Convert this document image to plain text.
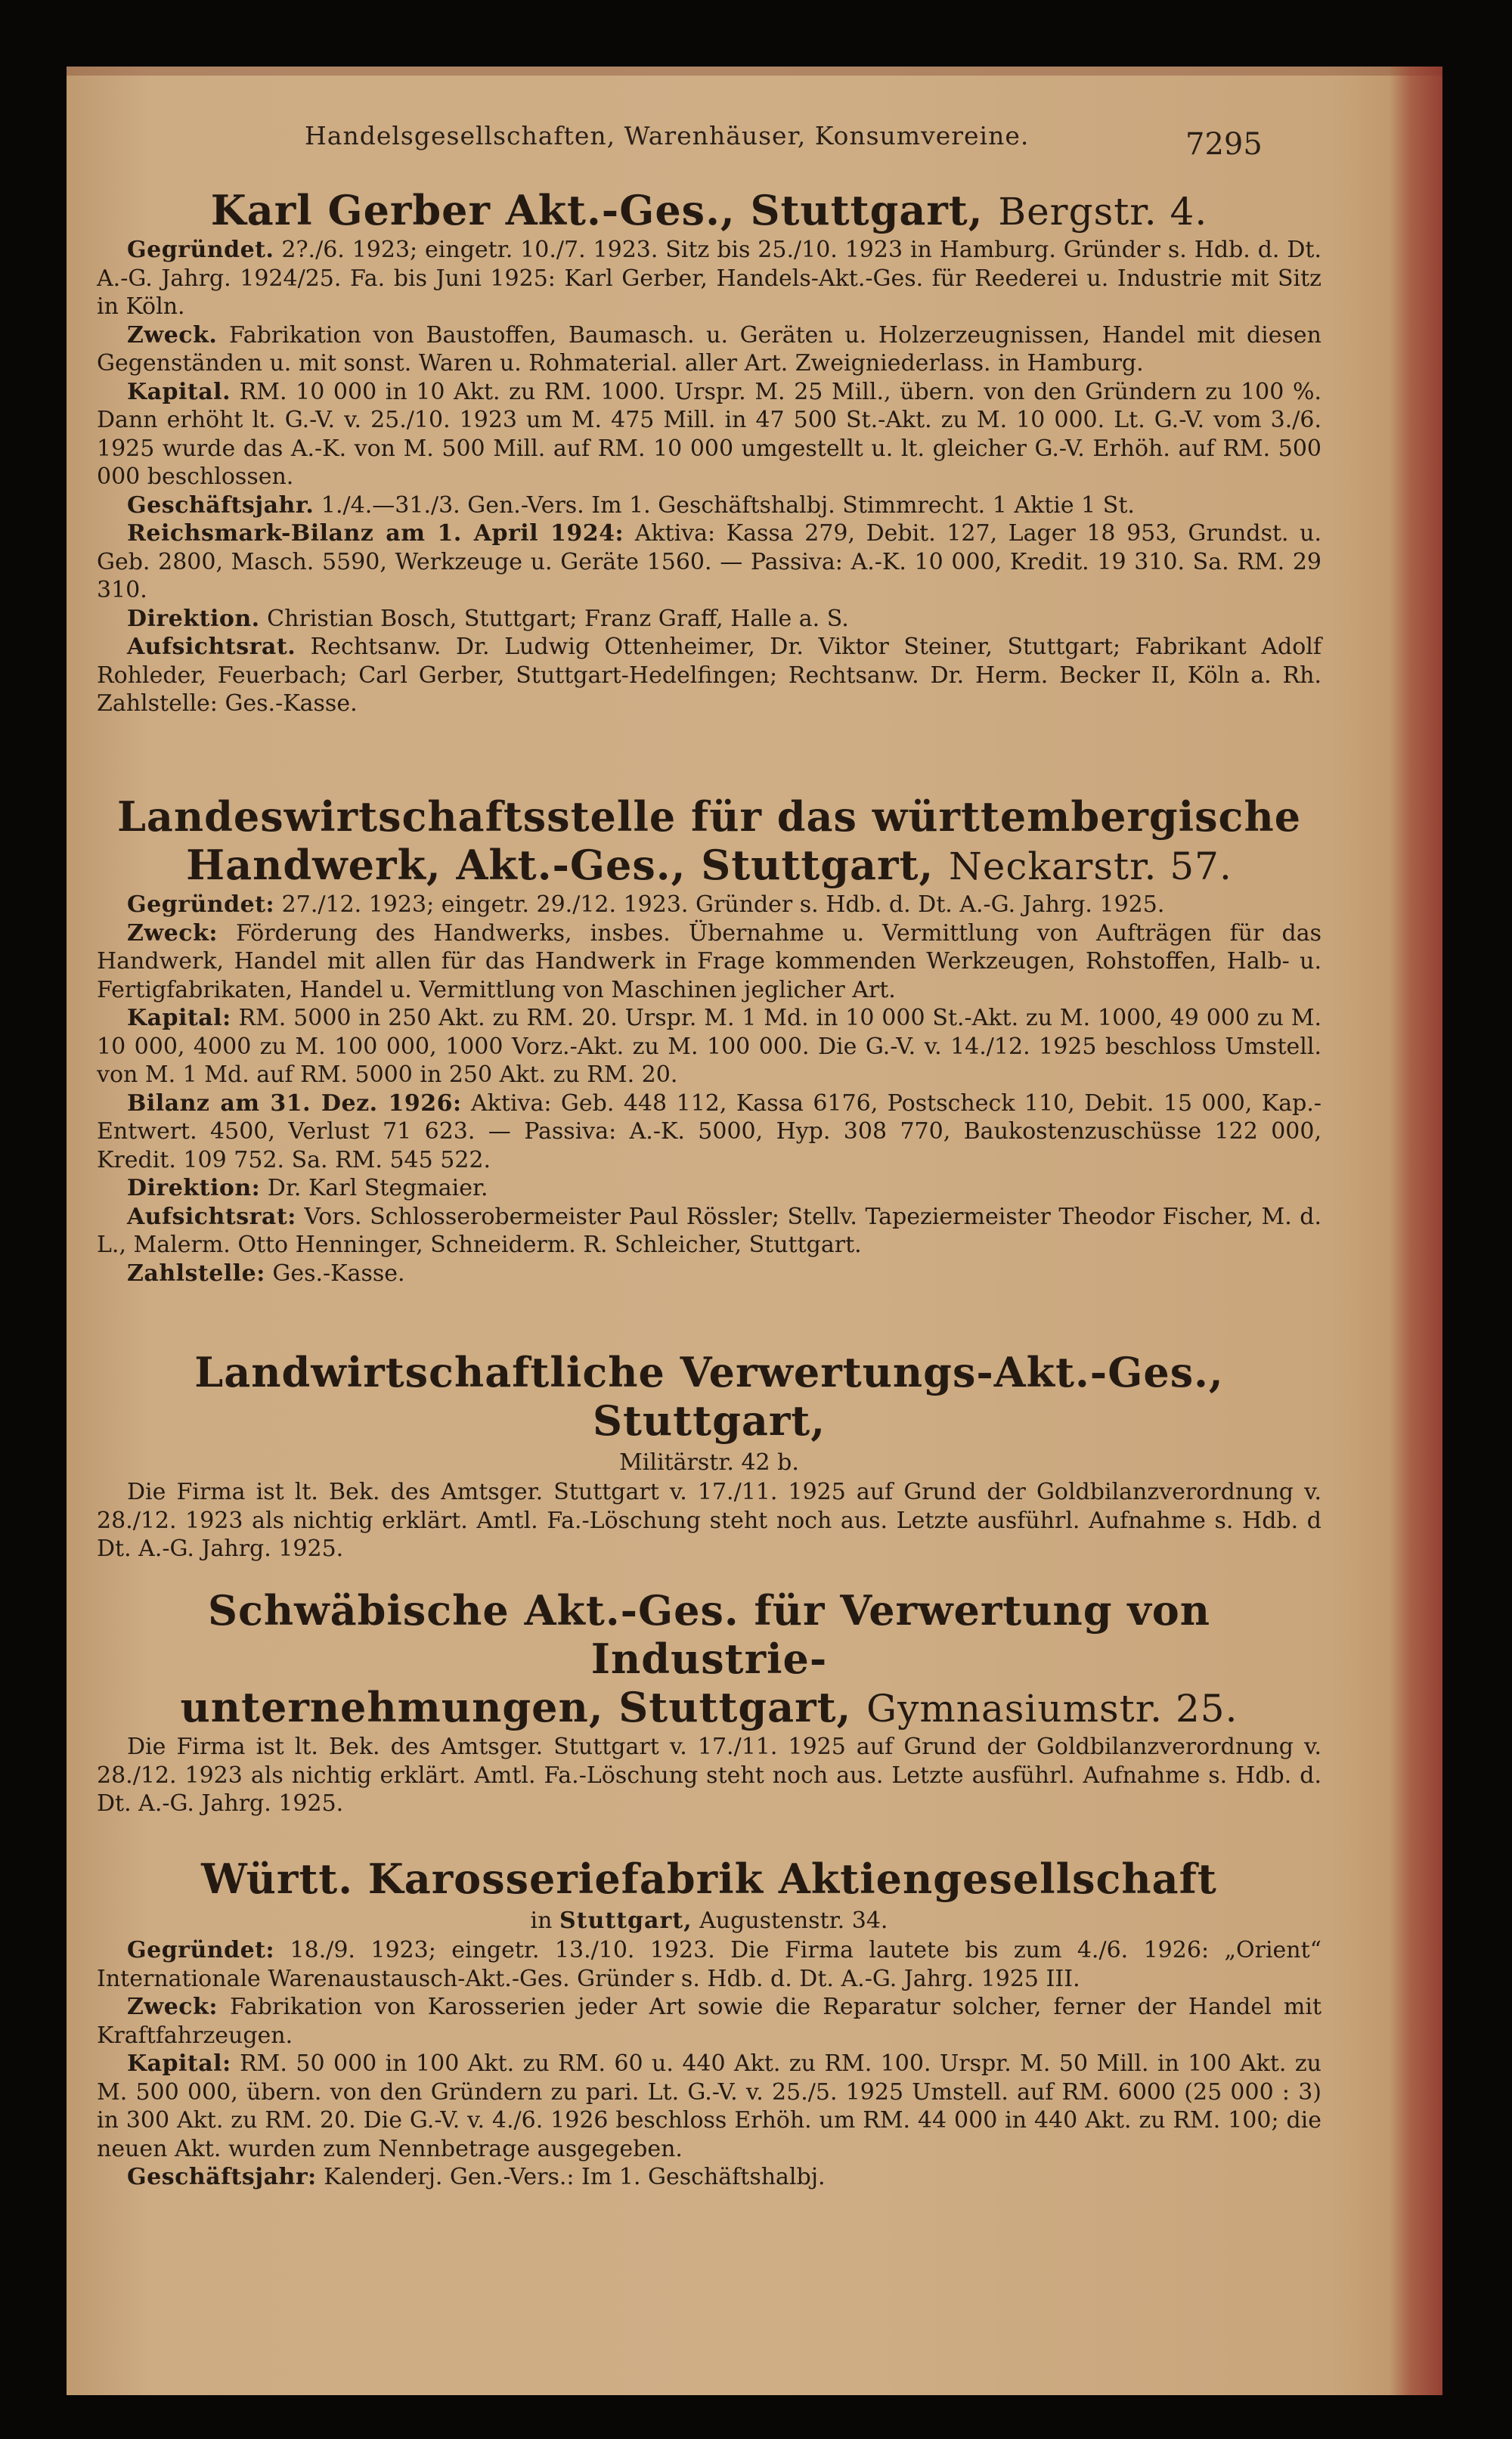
Handelsgesellschaften, Warenhäuser, Konsumvereine.	7295
Karl Gerber Akt.-Ges., Stuttgart, Bergstr. 4.

Gegründet. 2?./6. 1923; eingetr. 10./7. 1923. Sitz bis 25./10. 1923 in Hamburg. Gründer s. Hdb. d. Dt. A.-G. Jahrg. 1924/25. Fa. bis Juni 1925: Karl Gerber, Handels-Akt.-Ges. für Reederei u. Industrie mit Sitz in Köln.

Zweck. Fabrikation von Baustoffen, Baumasch. u. Geräten u. Holzerzeugnissen, Handel mit diesen Gegenständen u. mit sonst. Waren u. Rohmaterial. aller Art. Zweigniederlass. in Hamburg.

Kapital. RM. 10 000 in 10 Akt. zu RM. 1000. Urspr. M. 25 Mill., übern. von den Gründern zu 100 %. Dann erhöht lt. G.-V. v. 25./10. 1923 um M. 475 Mill. in 47 500 St.-Akt. zu M. 10 000. Lt. G.-V. vom 3./6. 1925 wurde das A.-K. von M. 500 Mill. auf RM. 10 000 umgestellt u. lt. gleicher G.-V. Erhöh. auf RM. 500 000 beschlossen.

Geschäftsjahr. 1./4.—31./3. Gen.-Vers. Im 1. Geschäftshalbj. Stimmrecht. 1 Aktie 1 St.

Reichsmark-Bilanz am 1. April 1924: Aktiva: Kassa 279, Debit. 127, Lager 18 953, Grundst. u. Geb. 2800, Masch. 5590, Werkzeuge u. Geräte 1560. — Passiva: A.-K. 10 000, Kredit. 19 310. Sa. RM. 29 310.

Direktion. Christian Bosch, Stuttgart; Franz Graff, Halle a. S.

Aufsichtsrat. Rechtsanw. Dr. Ludwig Ottenheimer, Dr. Viktor Steiner, Stuttgart; Fabrikant Adolf Rohleder, Feuerbach; Carl Gerber, Stuttgart-Hedelfingen; Rechtsanw. Dr. Herm. Becker II, Köln a. Rh. Zahlstelle: Ges.-Kasse.

Landeswirtschaftsstelle für das württembergische
Handwerk, Akt.-Ges., Stuttgart, Neckarstr. 57.

Gegründet: 27./12. 1923; eingetr. 29./12. 1923. Gründer s. Hdb. d. Dt. A.-G. Jahrg. 1925.

Zweck: Förderung des Handwerks, insbes. Übernahme u. Vermittlung von Aufträgen für das Handwerk, Handel mit allen für das Handwerk in Frage kommenden Werkzeugen, Rohstoffen, Halb- u. Fertigfabrikaten, Handel u. Vermittlung von Maschinen jeglicher Art.

Kapital: RM. 5000 in 250 Akt. zu RM. 20. Urspr. M. 1 Md. in 10 000 St.-Akt. zu M. 1000, 49 000 zu M. 10 000, 4000 zu M. 100 000, 1000 Vorz.-Akt. zu M. 100 000. Die G.-V. v. 14./12. 1925 beschloss Umstell. von M. 1 Md. auf RM. 5000 in 250 Akt. zu RM. 20.

Bilanz am 31. Dez. 1926: Aktiva: Geb. 448 112, Kassa 6176, Postscheck 110, Debit. 15 000, Kap.-Entwert. 4500, Verlust 71 623. — Passiva: A.-K. 5000, Hyp. 308 770, Baukostenzuschüsse 122 000, Kredit. 109 752. Sa. RM. 545 522.

Direktion: Dr. Karl Stegmaier.

Aufsichtsrat: Vors. Schlosserobermeister Paul Rössler; Stellv. Tapeziermeister Theodor Fischer, M. d. L., Malerm. Otto Henninger, Schneiderm. R. Schleicher, Stuttgart.

Zahlstelle: Ges.-Kasse.

Landwirtschaftliche Verwertungs-Akt.-Ges., Stuttgart,
Militärstr. 42 b.

Die Firma ist lt. Bek. des Amtsger. Stuttgart v. 17./11. 1925 auf Grund der Goldbilanzverordnung v. 28./12. 1923 als nichtig erklärt. Amtl. Fa.-Löschung steht noch aus. Letzte ausführl. Aufnahme s. Hdb. d Dt. A.-G. Jahrg. 1925.

Schwäbische Akt.-Ges. für Verwertung von Industrie-
unternehmungen, Stuttgart, Gymnasiumstr. 25.

Die Firma ist lt. Bek. des Amtsger. Stuttgart v. 17./11. 1925 auf Grund der Goldbilanzverordnung v. 28./12. 1923 als nichtig erklärt. Amtl. Fa.-Löschung steht noch aus. Letzte ausführl. Aufnahme s. Hdb. d. Dt. A.-G. Jahrg. 1925.

Württ. Karosseriefabrik Aktiengesellschaft
in Stuttgart, Augustenstr. 34.

Gegründet: 18./9. 1923; eingetr. 13./10. 1923. Die Firma lautete bis zum 4./6. 1926: „Orient“ Internationale Warenaustausch-Akt.-Ges. Gründer s. Hdb. d. Dt. A.-G. Jahrg. 1925 III.

Zweck: Fabrikation von Karosserien jeder Art sowie die Reparatur solcher, ferner der Handel mit Kraftfahrzeugen.

Kapital: RM. 50 000 in 100 Akt. zu RM. 60 u. 440 Akt. zu RM. 100. Urspr. M. 50 Mill. in 100 Akt. zu M. 500 000, übern. von den Gründern zu pari. Lt. G.-V. v. 25./5. 1925 Umstell. auf RM. 6000 (25 000 : 3) in 300 Akt. zu RM. 20. Die G.-V. v. 4./6. 1926 beschloss Erhöh. um RM. 44 000 in 440 Akt. zu RM. 100; die neuen Akt. wurden zum Nennbetrage ausgegeben.

Geschäftsjahr: Kalenderj. Gen.-Vers.: Im 1. Geschäftshalbj.
